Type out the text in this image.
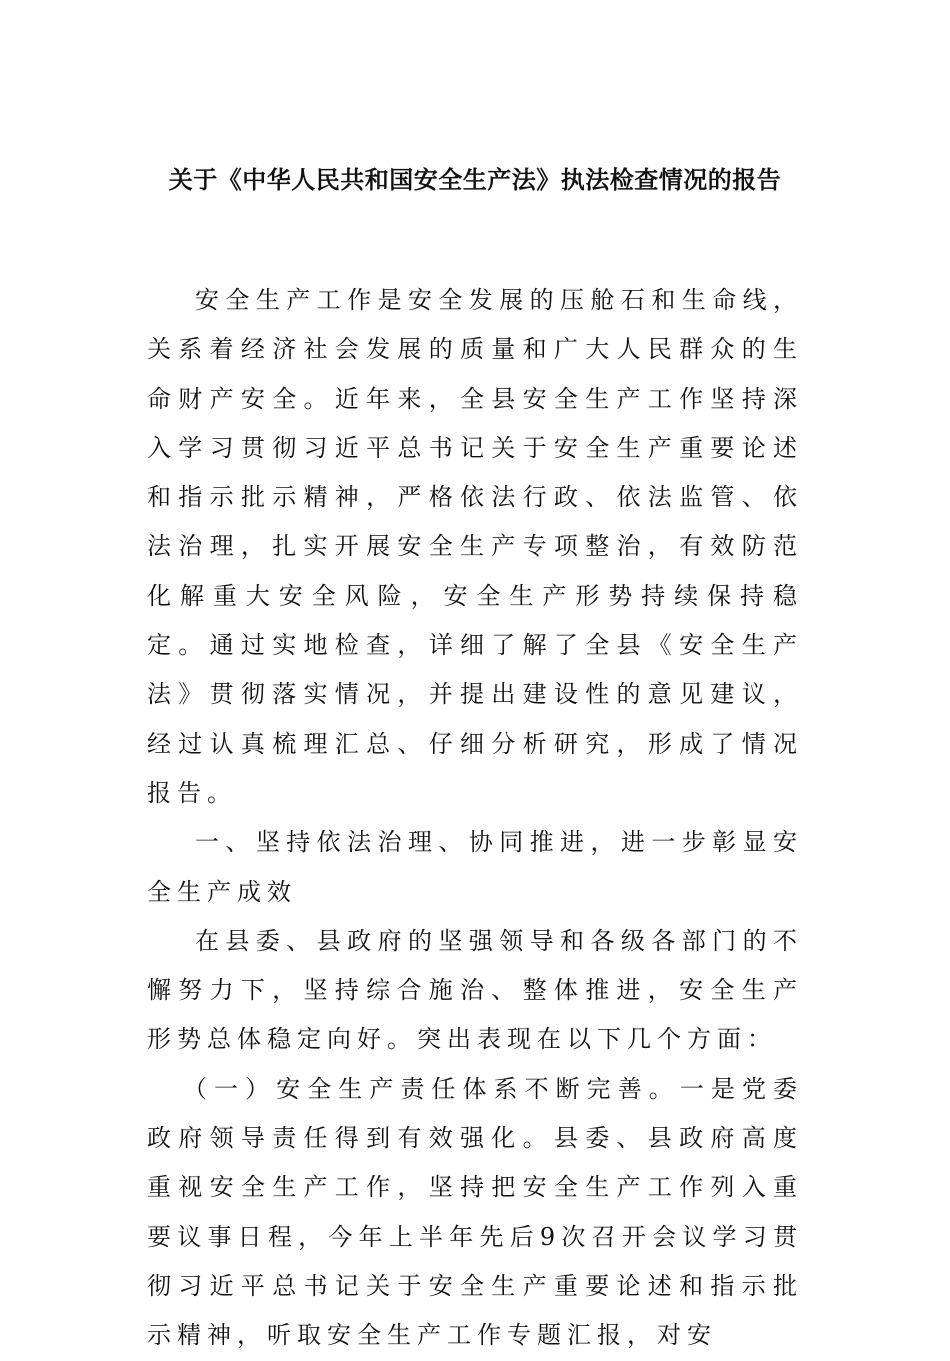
关于《中华人民共和国安全生产法》执法检查情况的报告

安全生产工作是安全发展的压舱石和生命线，关系着经济社会发展的质量和广大人民群众的生命财产安全。近年来，全县安全生产工作坚持深入学习贯彻习近平总书记关于安全生产重要论述和指示批示精神，严格依法行政、依法监管、依法治理，扎实开展安全生产专项整治，有效防范化解重大安全风险，安全生产形势持续保持稳定。通过实地检查，详细了解了全县《安全生产法》贯彻落实情况，并提出建设性的意见建议，经过认真梳理汇总、仔细分析研究，形成了情况报告。

一、坚持依法治理、协同推进，进一步彰显安全生产成效

在县委、县政府的坚强领导和各级各部门的不懈努力下，坚持综合施治、整体推进，安全生产形势总体稳定向好。突出表现在以下几个方面：

（一）安全生产责任体系不断完善。一是党委政府领导责任得到有效强化。县委、县政府高度重视安全生产工作，坚持把安全生产工作列入重要议事日程，今年上半年先后9次召开会议学习贯彻习近平总书记关于安全生产重要论述和指示批示精神，听取安全生产工作专题汇报，对安
